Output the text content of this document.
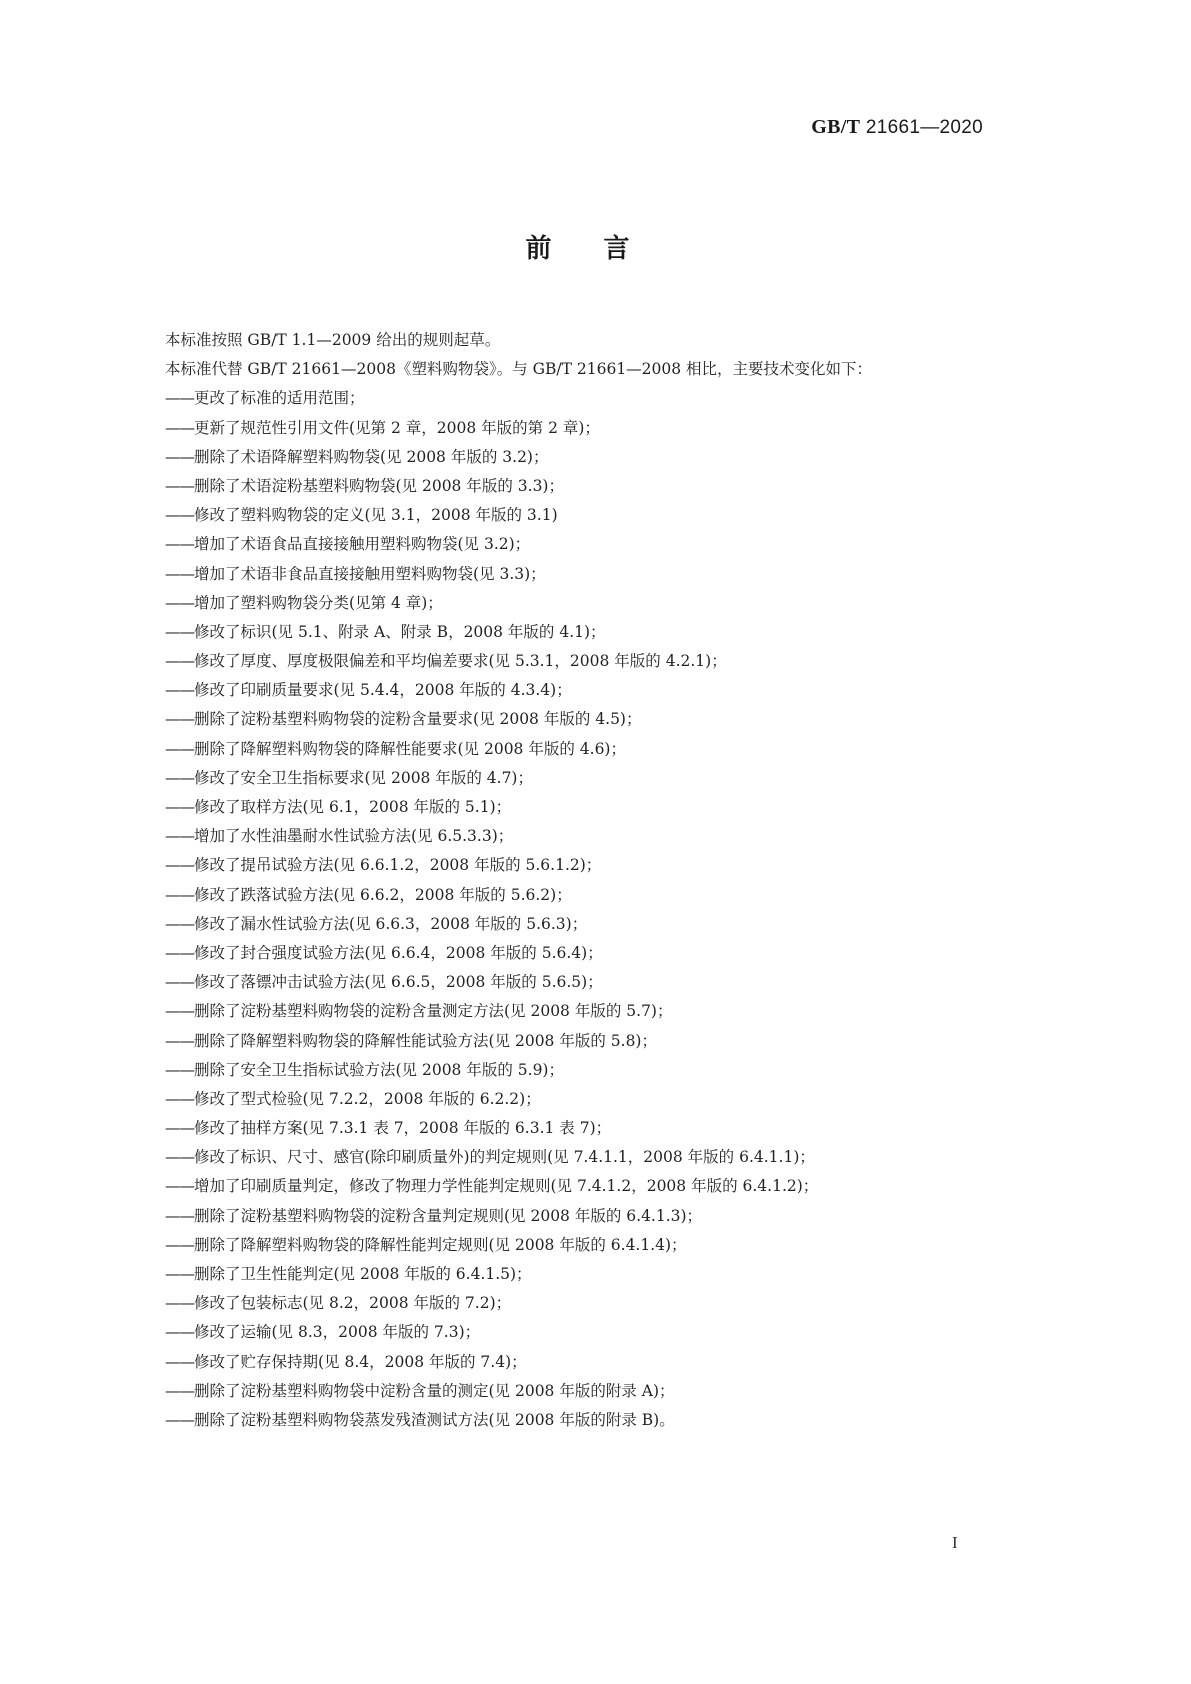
GB/T 21661—2020
前言
本标准按照 GB/T 1.1—2009 给出的规则起草。
本标准代替 GB/T 21661—2008《塑料购物袋》。与 GB/T 21661—2008 相比，主要技术变化如下：
——更改了标准的适用范围；
——更新了规范性引用文件(见第 2 章，2008 年版的第 2 章)；
——删除了术语降解塑料购物袋(见 2008 年版的 3.2)；
——删除了术语淀粉基塑料购物袋(见 2008 年版的 3.3)；
——修改了塑料购物袋的定义(见 3.1，2008 年版的 3.1)
——增加了术语食品直接接触用塑料购物袋(见 3.2)；
——增加了术语非食品直接接触用塑料购物袋(见 3.3)；
——增加了塑料购物袋分类(见第 4 章)；
——修改了标识(见 5.1、附录 A、附录 B，2008 年版的 4.1)；
——修改了厚度、厚度极限偏差和平均偏差要求(见 5.3.1，2008 年版的 4.2.1)；
——修改了印刷质量要求(见 5.4.4，2008 年版的 4.3.4)；
——删除了淀粉基塑料购物袋的淀粉含量要求(见 2008 年版的 4.5)；
——删除了降解塑料购物袋的降解性能要求(见 2008 年版的 4.6)；
——修改了安全卫生指标要求(见 2008 年版的 4.7)；
——修改了取样方法(见 6.1，2008 年版的 5.1)；
——增加了水性油墨耐水性试验方法(见 6.5.3.3)；
——修改了提吊试验方法(见 6.6.1.2，2008 年版的 5.6.1.2)；
——修改了跌落试验方法(见 6.6.2，2008 年版的 5.6.2)；
——修改了漏水性试验方法(见 6.6.3，2008 年版的 5.6.3)；
——修改了封合强度试验方法(见 6.6.4，2008 年版的 5.6.4)；
——修改了落镖冲击试验方法(见 6.6.5，2008 年版的 5.6.5)；
——删除了淀粉基塑料购物袋的淀粉含量测定方法(见 2008 年版的 5.7)；
——删除了降解塑料购物袋的降解性能试验方法(见 2008 年版的 5.8)；
——删除了安全卫生指标试验方法(见 2008 年版的 5.9)；
——修改了型式检验(见 7.2.2，2008 年版的 6.2.2)；
——修改了抽样方案(见 7.3.1 表 7，2008 年版的 6.3.1 表 7)；
——修改了标识、尺寸、感官(除印刷质量外)的判定规则(见 7.4.1.1，2008 年版的 6.4.1.1)；
——增加了印刷质量判定，修改了物理力学性能判定规则(见 7.4.1.2，2008 年版的 6.4.1.2)；
——删除了淀粉基塑料购物袋的淀粉含量判定规则(见 2008 年版的 6.4.1.3)；
——删除了降解塑料购物袋的降解性能判定规则(见 2008 年版的 6.4.1.4)；
——删除了卫生性能判定(见 2008 年版的 6.4.1.5)；
——修改了包装标志(见 8.2，2008 年版的 7.2)；
——修改了运输(见 8.3，2008 年版的 7.3)；
——修改了贮存保持期(见 8.4，2008 年版的 7.4)；
——删除了淀粉基塑料购物袋中淀粉含量的测定(见 2008 年版的附录 A)；
——删除了淀粉基塑料购物袋蒸发残渣测试方法(见 2008 年版的附录 B)。
I
